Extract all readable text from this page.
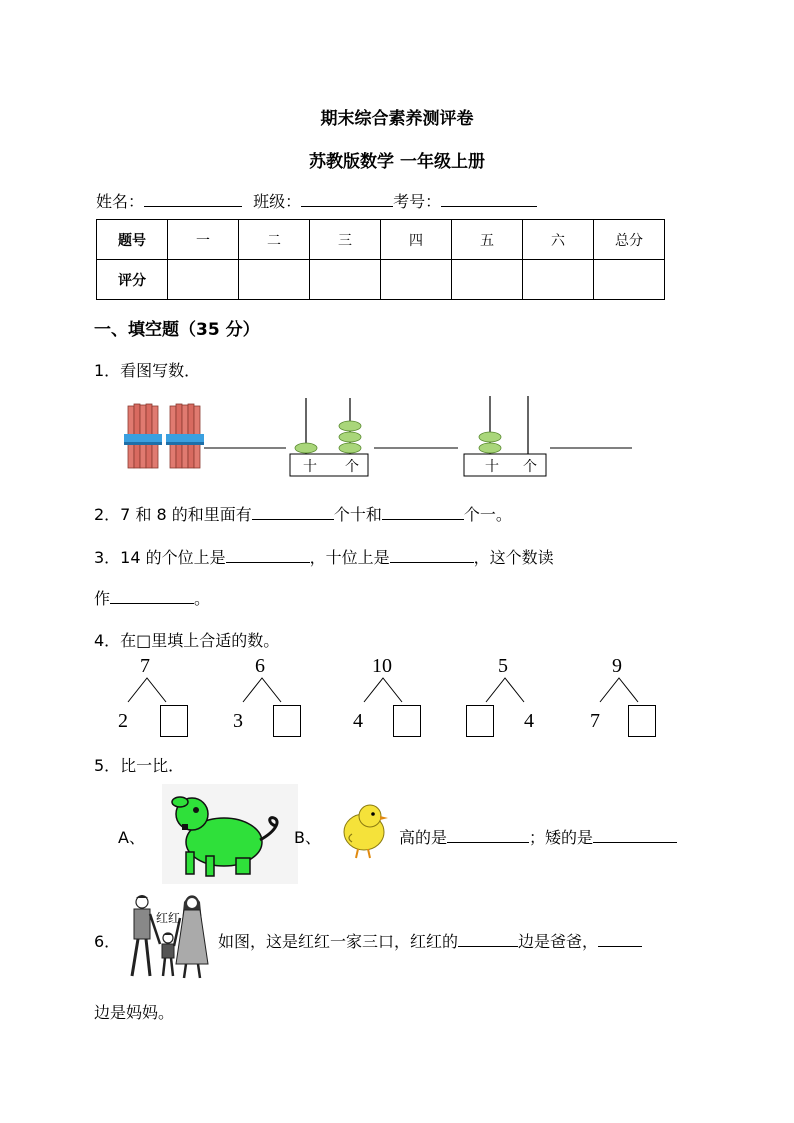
期末综合素养测评卷
苏教版数学 一年级上册
姓名：	班级：	考号：
题号	一	二	三	四	五	六	总分
评分							
一、填空题（35 分）
1．看图写数．
十 个	十 个
2．7 和 8 的和里面有	个十和	个一。
3．14 的个位上是	，十位上是	，这个数读
作	。
4．在□里填上合适的数。
7
2
6
3
10
4
5
4
9
7
5．比一比．
A、	B、	高的是	；矮的是
6．
红红
如图，这是红红一家三口，红红的	边是爸爸，
边是妈妈。
